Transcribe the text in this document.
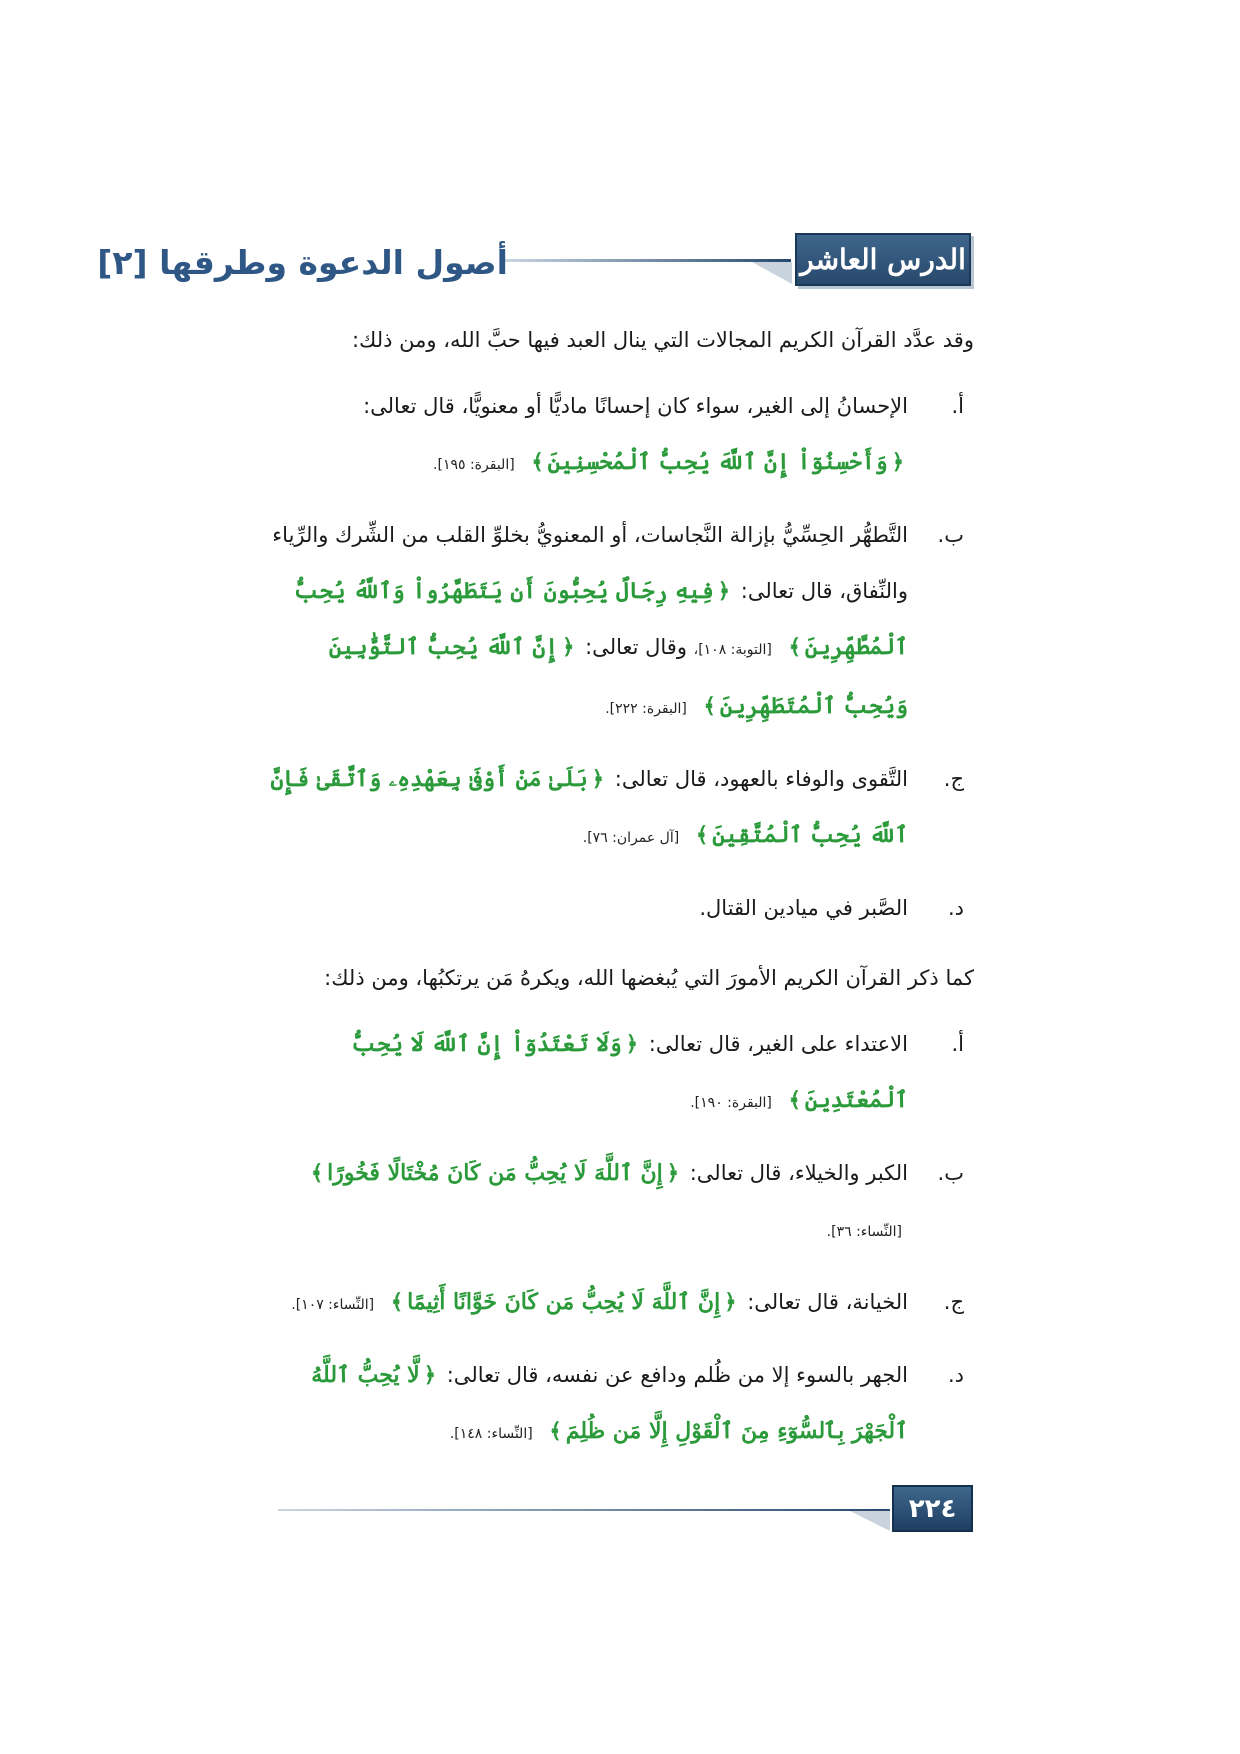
الدرس العاشر
أصول الدعوة وطرقها [٢]

وقد عدَّد القرآن الكريم المجالات التي ينال العبد فيها حبَّ الله، ومن ذلك:

أ.
الإحسانُ إلى الغير، سواء كان إحسانًا ماديًّا أو معنويًّا، قال تعالى: ﴿وَأَحْسِنُوٓاْ إِنَّ ٱللَّهَ يُحِبُّ ٱلْمُحْسِنِينَ﴾ [البقرة: ١٩٥].
ب.
التَّطهُّر الحِسِّيُّ بإزالة النَّجاسات، أو المعنويُّ بخلوِّ القلب من الشِّرك والرِّياء والنِّفاق، قال تعالى: ﴿فِيهِ رِجَالٌ يُحِبُّونَ أَن يَتَطَهَّرُواْ وَٱللَّهُ يُحِبُّ ٱلْمُطَّهِّرِينَ﴾ [التوبة: ١٠٨]، وقال تعالى: ﴿إِنَّ ٱللَّهَ يُحِبُّ ٱلتَّوَّٰبِينَ وَيُحِبُّ ٱلْمُتَطَهِّرِينَ﴾ [البقرة: ٢٢٢].
ج.
التَّقوى والوفاء بالعهود، قال تعالى: ﴿بَلَىٰ مَنْ أَوْفَىٰ بِعَهْدِهِۦ وَٱتَّقَىٰ فَإِنَّ ٱللَّهَ يُحِبُّ ٱلْمُتَّقِينَ﴾ [آل عمران: ٧٦].
د.
الصَّبر في ميادين القتال.

كما ذكر القرآن الكريم الأمورَ التي يُبغضها الله، ويكرهُ مَن يرتكبُها، ومن ذلك:

أ.
الاعتداء على الغير، قال تعالى: ﴿وَلَا تَعْتَدُوٓاْ إِنَّ ٱللَّهَ لَا يُحِبُّ ٱلْمُعْتَدِينَ﴾ [البقرة: ١٩٠].
ب.
الكبر والخيلاء، قال تعالى: ﴿إِنَّ ٱللَّهَ لَا يُحِبُّ مَن كَانَ مُخْتَالًا فَخُورًا﴾ [النِّساء: ٣٦].
ج.
الخيانة، قال تعالى: ﴿إِنَّ ٱللَّهَ لَا يُحِبُّ مَن كَانَ خَوَّانًا أَثِيمًا﴾ [النِّساء: ١٠٧].
د.
الجهر بالسوء إلا من ظُلم ودافع عن نفسه، قال تعالى: ﴿لَّا يُحِبُّ ٱللَّهُ ٱلْجَهْرَ بِٱلسُّوٓءِ مِنَ ٱلْقَوْلِ إِلَّا مَن ظُلِمَ﴾ [النِّساء: ١٤٨].
٢٢٤
